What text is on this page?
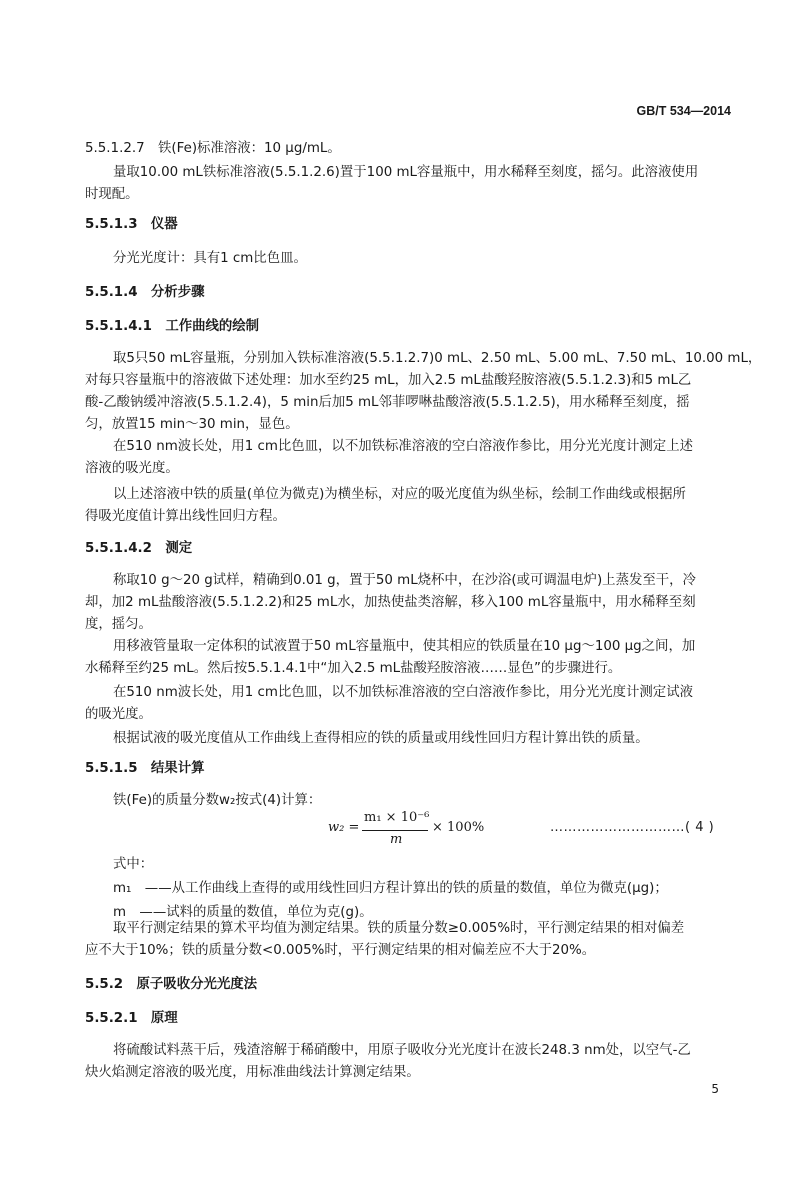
GB/T 534—2014
5.5.1.2.7　铁(Fe)标准溶液：10 μg/mL。
量取10.00 mL铁标准溶液(5.5.1.2.6)置于100 mL容量瓶中，用水稀释至刻度，摇匀。此溶液使用
时现配。
5.5.1.3　仪器
分光光度计：具有1 cm比色皿。
5.5.1.4　分析步骤
5.5.1.4.1　工作曲线的绘制
取5只50 mL容量瓶，分别加入铁标准溶液(5.5.1.2.7)0 mL、2.50 mL、5.00 mL、7.50 mL、10.00 mL，
对每只容量瓶中的溶液做下述处理：加水至约25 mL，加入2.5 mL盐酸羟胺溶液(5.5.1.2.3)和5 mL乙
酸-乙酸钠缓冲溶液(5.5.1.2.4)，5 min后加5 mL邻菲啰啉盐酸溶液(5.5.1.2.5)，用水稀释至刻度，摇
匀，放置15 min～30 min，显色。
在510 nm波长处，用1 cm比色皿，以不加铁标准溶液的空白溶液作参比，用分光光度计测定上述
溶液的吸光度。
以上述溶液中铁的质量(单位为微克)为横坐标，对应的吸光度值为纵坐标，绘制工作曲线或根据所
得吸光度值计算出线性回归方程。
5.5.1.4.2　测定
称取10 g～20 g试样，精确到0.01 g，置于50 mL烧杯中，在沙浴(或可调温电炉)上蒸发至干，冷
却，加2 mL盐酸溶液(5.5.1.2.2)和25 mL水，加热使盐类溶解，移入100 mL容量瓶中，用水稀释至刻
度，摇匀。
用移液管量取一定体积的试液置于50 mL容量瓶中，使其相应的铁质量在10 μg～100 μg之间，加
水稀释至约25 mL。然后按5.5.1.4.1中“加入2.5 mL盐酸羟胺溶液……显色”的步骤进行。
在510 nm波长处，用1 cm比色皿，以不加铁标准溶液的空白溶液作参比，用分光光度计测定试液
的吸光度。
根据试液的吸光度值从工作曲线上查得相应的铁的质量或用线性回归方程计算出铁的质量。
5.5.1.5　结果计算
铁(Fe)的质量分数w₂按式(4)计算：
式中：
m₁　——从工作曲线上查得的或用线性回归方程计算出的铁的质量的数值，单位为微克(μg)；
m　——试料的质量的数值，单位为克(g)。
取平行测定结果的算术平均值为测定结果。铁的质量分数≥0.005%时，平行测定结果的相对偏差
应不大于10%；铁的质量分数<0.005%时，平行测定结果的相对偏差应不大于20%。
5.5.2　原子吸收分光光度法
5.5.2.1　原理
将硫酸试料蒸干后，残渣溶解于稀硝酸中，用原子吸收分光光度计在波长248.3 nm处，以空气-乙
炔火焰测定溶液的吸光度，用标准曲线法计算测定结果。
w₂ =
m₁ × 10⁻⁶
m
× 100%	…………………………( 4 )
5
